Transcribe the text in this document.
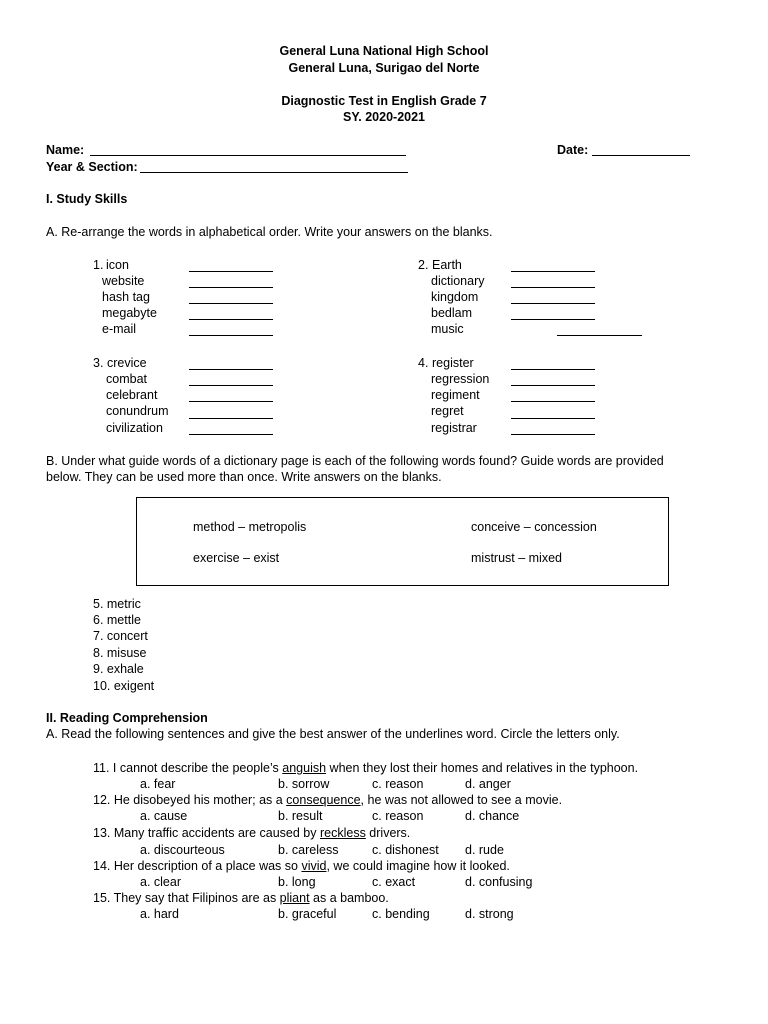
General Luna National High School
General Luna, Surigao del Norte
Diagnostic Test in English Grade 7
SY. 2020-2021
Name:	Date:
Year & Section:
I. Study Skills
A. Re-arrange the words in alphabetical order. Write your answers on the blanks.
1. icon
website
hash tag
megabyte
e-mail
2. Earth
dictionary
kingdom
bedlam
music
3. crevice
combat
celebrant
conundrum
civilization
4. register
regression
regiment
regret
registrar
B. Under what guide words of a dictionary page is each of the following words found? Guide words are provided
below. They can be used more than once. Write answers on the blanks.
method – metropolis	conceive – concession
exercise – exist	mistrust – mixed
5. metric
6. mettle
7. concert
8. misuse
9. exhale
10. exigent
II. Reading Comprehension
A. Read the following sentences and give the best answer of the underlines word. Circle the letters only.
11. I cannot describe the people’s anguish when they lost their homes and relatives in the typhoon.
a. fear	b. sorrow	c. reason	d. anger
12. He disobeyed his mother; as a consequence, he was not allowed to see a movie.
a. cause	b. result	c. reason	d. chance
13. Many traffic accidents are caused by reckless drivers.
a. discourteous	b. careless	c. dishonest d. rude
14. Her description of a place was so vivid, we could imagine how it looked.
a. clear	b. long	c. exact	d. confusing
15. They say that Filipinos are as pliant as a bamboo.
a. hard	b. graceful	c. bending	d. strong
